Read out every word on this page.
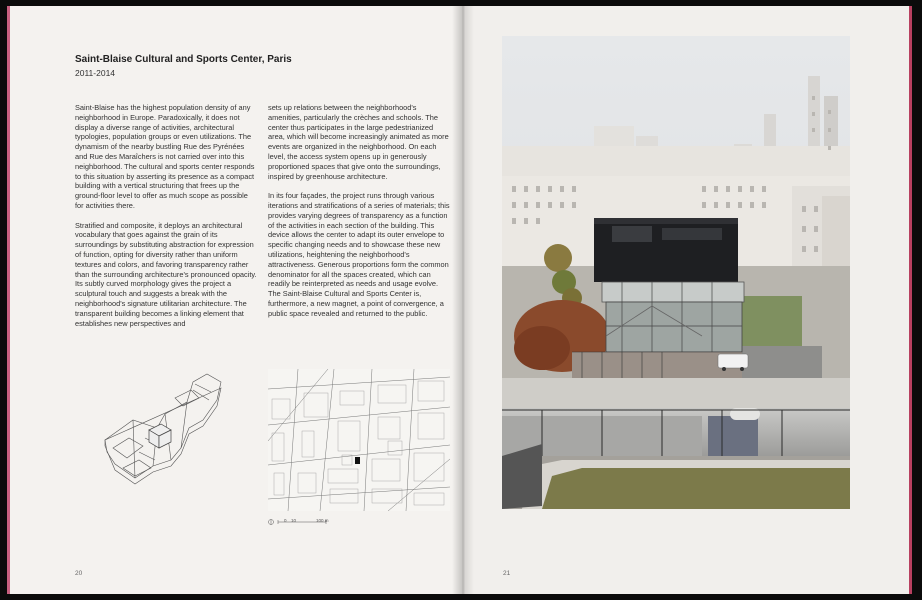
Saint-Blaise Cultural and Sports Center, Paris
2011-2014

Saint-Blaise has the highest population density of any neighborhood in Europe. Paradoxically, it does not display a diverse range of activities, architectural typologies, population groups or even utilizations. The dynamism of the nearby bustling Rue des Pyrénées and Rue des Maraîchers is not carried over into this neighborhood. The cultural and sports center responds to this situation by asserting its presence as a compact building with a vertical structuring that frees up the ground-floor level to offer as much scope as possible for activities there.

Stratified and composite, it deploys an architectural vocabulary that goes against the grain of its surroundings by substituting abstraction for expression of function, opting for diversity rather than uniform textures and colors, and favoring transparency rather than the surrounding architecture's pronounced opacity. Its subtly curved morphology gives the project a sculptural touch and suggests a break with the neighborhood's signature utilitarian architecture. The transparent building becomes a linking element that establishes new perspectives and

sets up relations between the neighborhood's amenities, particularly the crèches and schools. The center thus participates in the large pedestrianized area, which will become increasingly animated as more events are organized in the neighborhood. On each level, the access system opens up in generously proportioned spaces that give onto the surroundings, inspired by greenhouse architecture.

In its four façades, the project runs through various iterations and stratifications of a series of materials; this provides varying degrees of transparency as a function of the activities in each section of the building. This device allows the center to adapt its outer envelope to specific changing needs and to showcase these new utilizations, heightening the neighborhood's attractiveness. Generous proportions form the common denominator for all the spaces created, which can readily be reinterpreted as needs and usage evolve. The Saint-Blaise Cultural and Sports Center is, furthermore, a new magnet, a point of convergence, a public space revealed and returned to the public.

0 10	100 m
20	21
